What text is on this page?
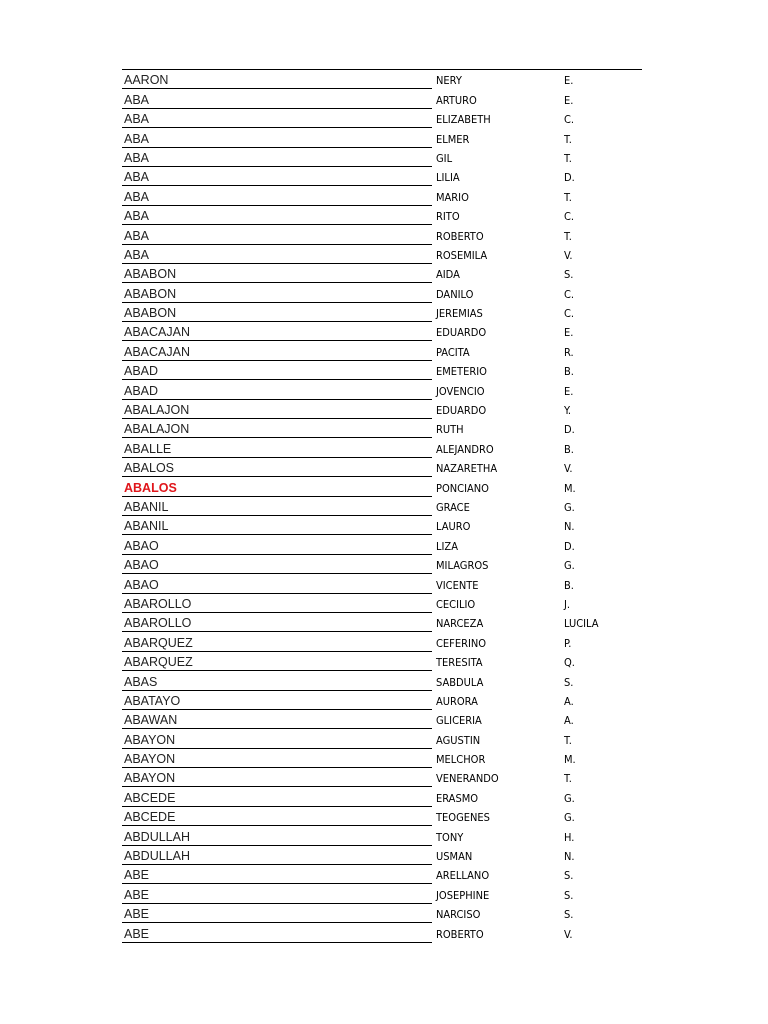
AARON	NERY	E.
ABA	ARTURO	E.
ABA	ELIZABETH	C.
ABA	ELMER	T.
ABA	GIL	T.
ABA	LILIA	D.
ABA	MARIO	T.
ABA	RITO	C.
ABA	ROBERTO	T.
ABA	ROSEMILA	V.
ABABON	AIDA	S.
ABABON	DANILO	C.
ABABON	JEREMIAS	C.
ABACAJAN	EDUARDO	E.
ABACAJAN	PACITA	R.
ABAD	EMETERIO	B.
ABAD	JOVENCIO	E.
ABALAJON	EDUARDO	Y.
ABALAJON	RUTH	D.
ABALLE	ALEJANDRO	B.
ABALOS	NAZARETHA	V.
ABALOS	PONCIANO	M.
ABANIL	GRACE	G.
ABANIL	LAURO	N.
ABAO	LIZA	D.
ABAO	MILAGROS	G.
ABAO	VICENTE	B.
ABAROLLO	CECILIO	J.
ABAROLLO	NARCEZA	LUCILA
ABARQUEZ	CEFERINO	P.
ABARQUEZ	TERESITA	Q.
ABAS	SABDULA	S.
ABATAYO	AURORA	A.
ABAWAN	GLICERIA	A.
ABAYON	AGUSTIN	T.
ABAYON	MELCHOR	M.
ABAYON	VENERANDO	T.
ABCEDE	ERASMO	G.
ABCEDE	TEOGENES	G.
ABDULLAH	TONY	H.
ABDULLAH	USMAN	N.
ABE	ARELLANO	S.
ABE	JOSEPHINE	S.
ABE	NARCISO	S.
ABE	ROBERTO	V.
